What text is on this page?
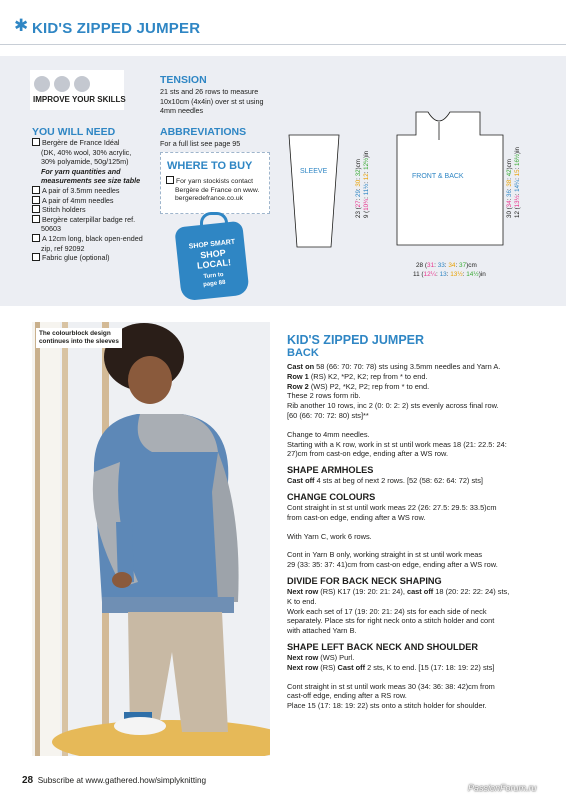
✱ KID'S ZIPPED JUMPER
IMPROVE YOUR SKILLS
YOU WILL NEED
Bergère de France Idéal
(DK, 40% wool, 30% acrylic,
30% polyamide, 50g/125m)
For yarn quantities and
measurements see size table
A pair of 3.5mm needles
A pair of 4mm needles
Stitch holders
Bergère caterpillar badge ref.
50603
A 12cm long, black open-ended
zip, ref 92092
Fabric glue (optional)
TENSION
21 sts and 26 rows to measure
10x10cm (4x4in) over st st using
4mm needles
ABBREVIATIONS
For a full list see page 95
WHERE TO BUY
For yarn stockists contact
Bergère de France on www.
bergeredefrance.co.uk
SHOP SMART
SHOP
LOCAL!
Turn to
page 88
SLEEVE
FRONT & BACK
23 (27: 29: 30: 32)cm
9 (10¾: 11½: 12: 12½)in
30 (34: 36: 38: 42)cm
12 (13½: 14¼: 15: 16½)in
28 (31: 33: 34: 37)cm
11 (12¼: 13: 13½: 14½)in
The colourblock design continues into the sleeves	KID'S ZIPPED JUMPER
BACK

Cast on 58 (66: 70: 70: 78) sts using 3.5mm needles and Yarn A.

Row 1 (RS) K2, *P2, K2; rep from * to end.

Row 2 (WS) P2, *K2, P2; rep from * to end.

These 2 rows form rib.

Rib another 10 rows, inc 2 (0: 0: 2: 2) sts evenly across final row.

[60 (66: 70: 72: 80) sts]**

Change to 4mm needles.

Starting with a K row, work in st st until work meas 18 (21: 22.5: 24:

27)cm from cast-on edge, ending after a WS row.

SHAPE ARMHOLES

Cast off 4 sts at beg of next 2 rows. [52 (58: 62: 64: 72) sts]

CHANGE COLOURS

Cont straight in st st until work meas 22 (26: 27.5: 29.5: 33.5)cm

from cast-on edge, ending after a WS row.

With Yarn C, work 6 rows.

Cont in Yarn B only, working straight in st st until work meas

29 (33: 35: 37: 41)cm from cast-on edge, ending after a WS row.

DIVIDE FOR BACK NECK SHAPING

Next row (RS) K17 (19: 20: 21: 24), cast off 18 (20: 22: 22: 24) sts,

K to end.

Work each set of 17 (19: 20: 21: 24) sts for each side of neck

separately. Place sts for right neck onto a stitch holder and cont

with attached Yarn B.

SHAPE LEFT BACK NECK AND SHOULDER

Next row (WS) Purl.

Next row (RS) Cast off 2 sts, K to end. [15 (17: 18: 19: 22) sts]

Cont straight in st st until work meas 30 (34: 36: 38: 42)cm from

cast-off edge, ending after a RS row.

Place 15 (17: 18: 19: 22) sts onto a stitch holder for shoulder.

28 Subscribe at www.gathered.how/simplyknitting
PassionForum.ru
